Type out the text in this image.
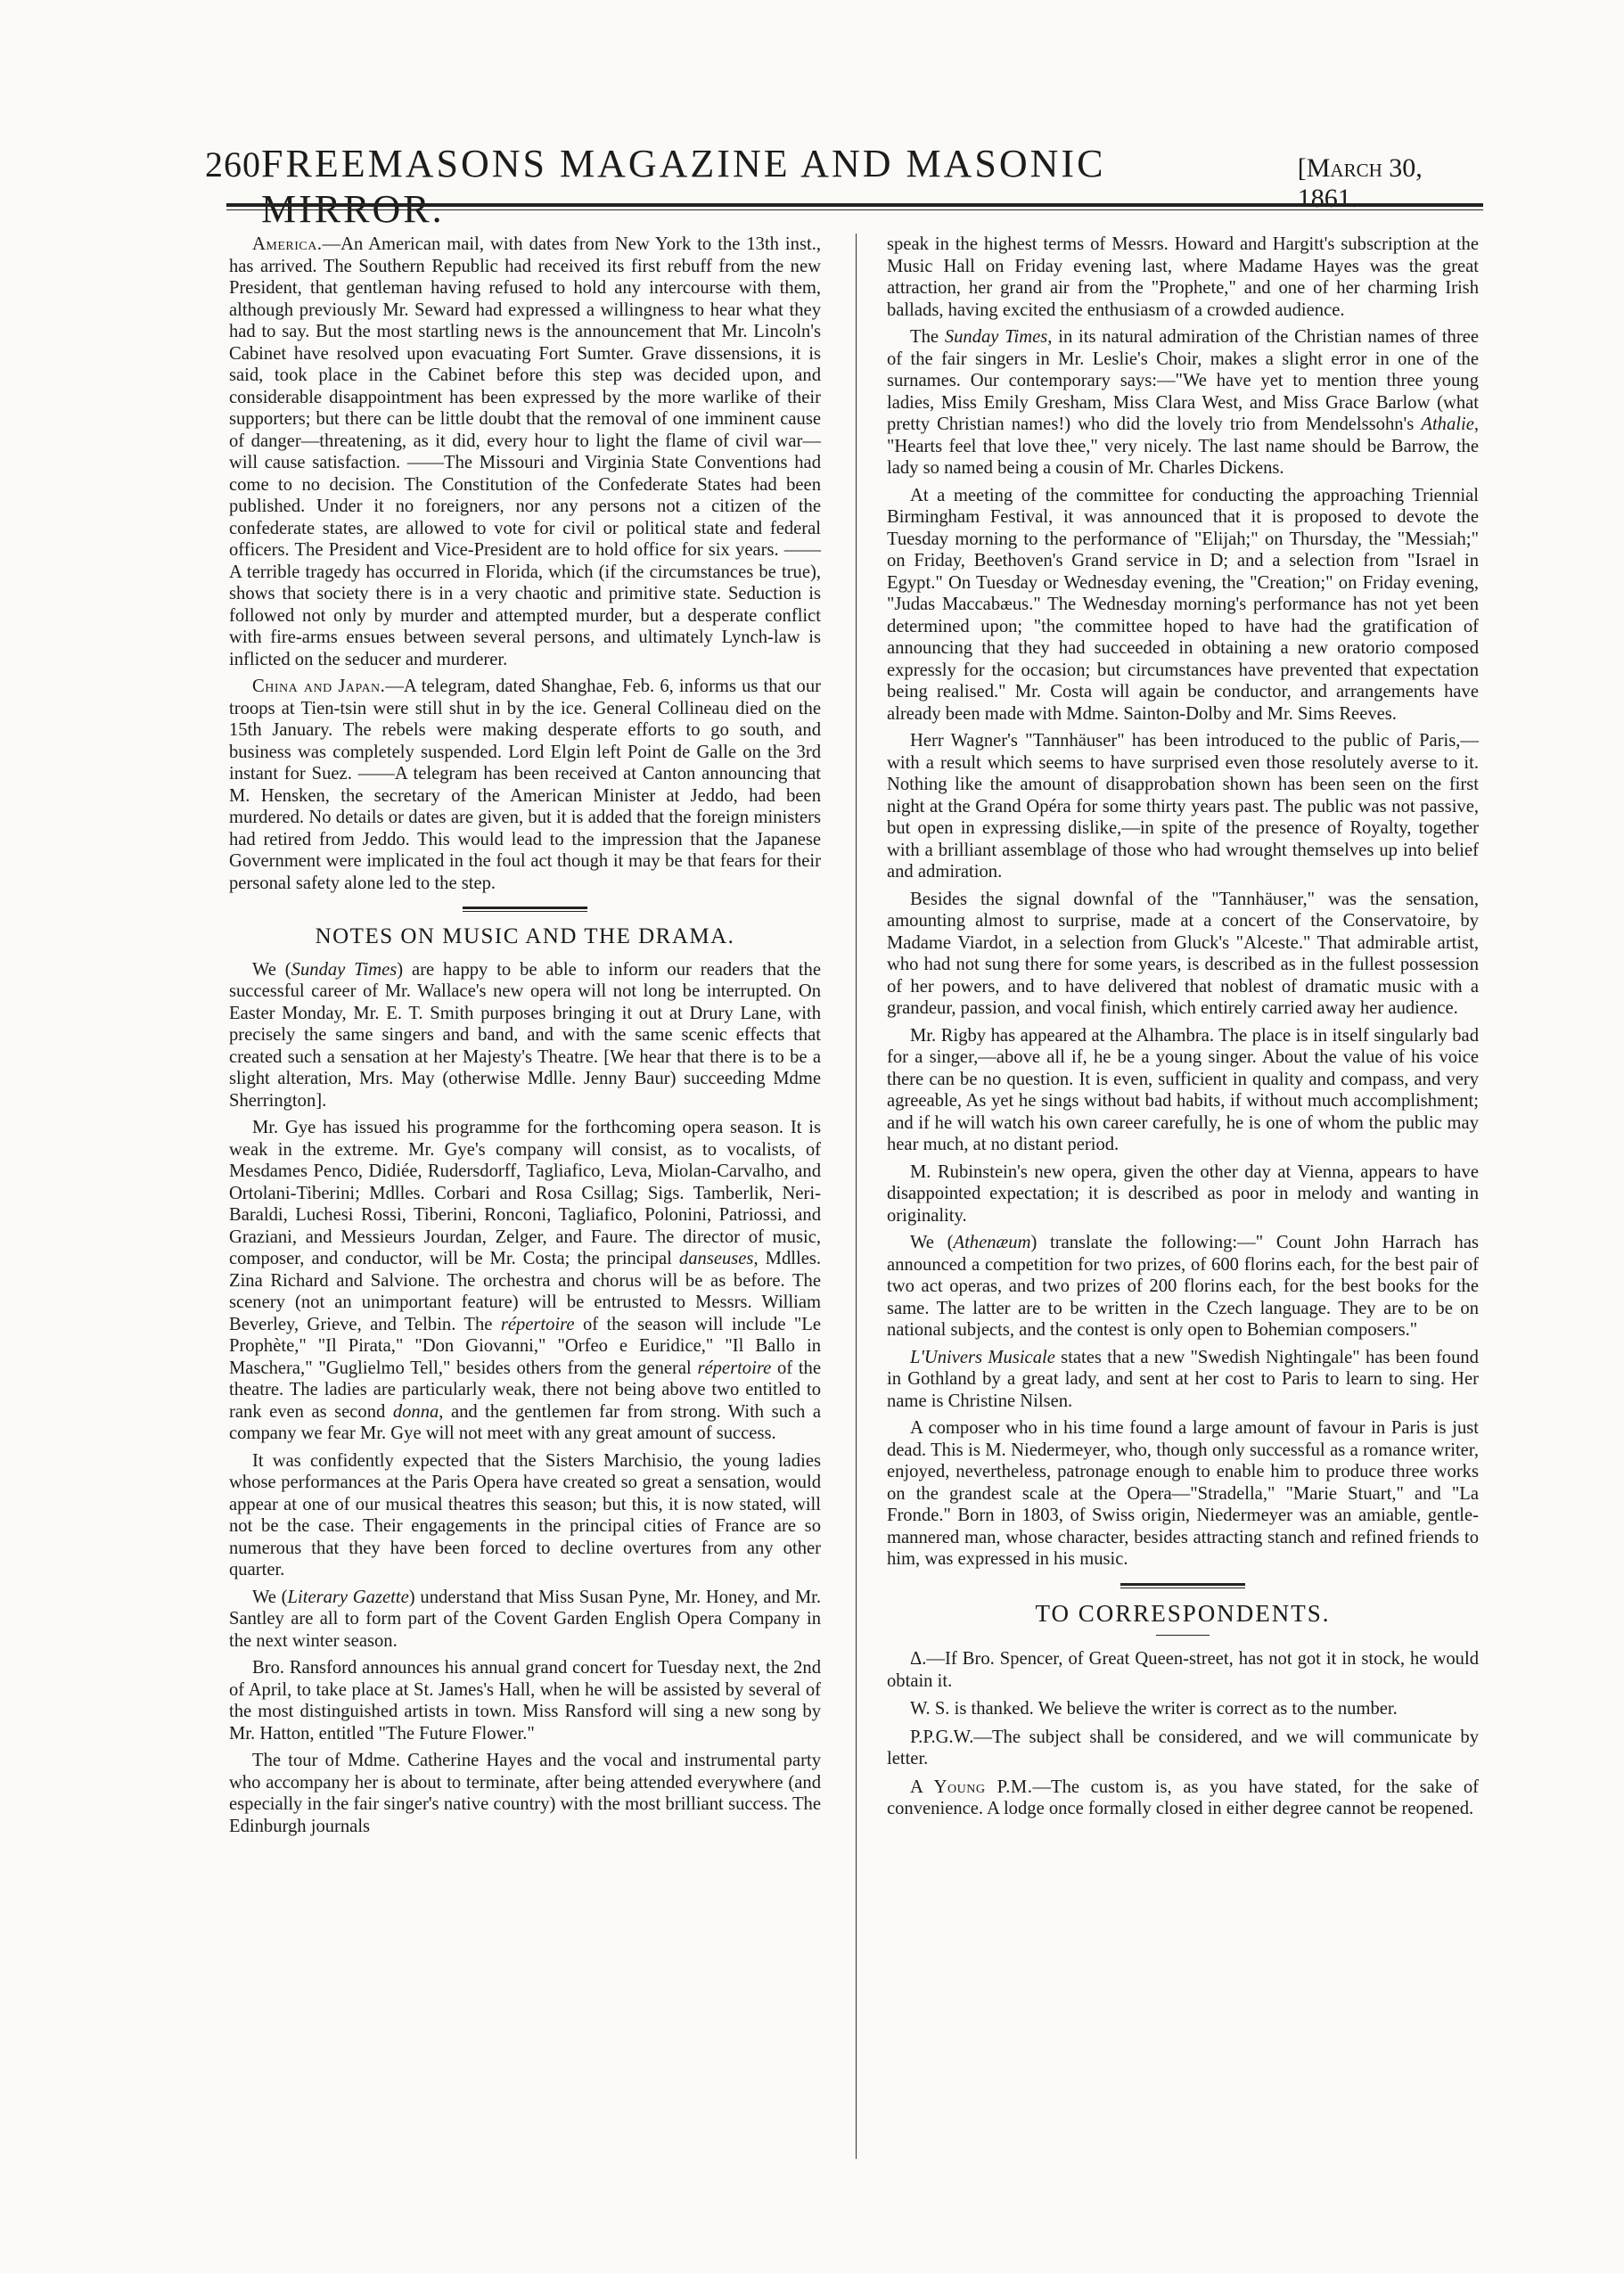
260 FREEMASONS MAGAZINE AND MASONIC MIRROR.
[March 30, 1861.

America.—An American mail, with dates from New York to the 13th inst., has arrived. The Southern Republic had received its first rebuff from the new President, that gentleman having refused to hold any intercourse with them, although previously Mr. Seward had expressed a willingness to hear what they had to say. But the most startling news is the announcement that Mr. Lincoln's Cabinet have resolved upon evacuating Fort Sumter. Grave dissensions, it is said, took place in the Cabinet before this step was decided upon, and considerable disappointment has been expressed by the more warlike of their supporters; but there can be little doubt that the removal of one imminent cause of danger—threatening, as it did, every hour to light the flame of civil war—will cause satisfaction. ——The Missouri and Virginia State Conventions had come to no decision. The Constitution of the Confederate States had been published. Under it no foreigners, nor any persons not a citizen of the confederate states, are allowed to vote for civil or political state and federal officers. The President and Vice-President are to hold office for six years. ——A terrible tragedy has occurred in Florida, which (if the circumstances be true), shows that society there is in a very chaotic and primitive state. Seduction is followed not only by murder and attempted murder, but a desperate conflict with fire-arms ensues between several persons, and ultimately Lynch-law is inflicted on the seducer and murderer.

China and Japan.—A telegram, dated Shanghae, Feb. 6, informs us that our troops at Tien-tsin were still shut in by the ice. General Collineau died on the 15th January. The rebels were making desperate efforts to go south, and business was completely suspended. Lord Elgin left Point de Galle on the 3rd instant for Suez. ——A telegram has been received at Canton announcing that M. Hensken, the secretary of the American Minister at Jeddo, had been murdered. No details or dates are given, but it is added that the foreign ministers had retired from Jeddo. This would lead to the impression that the Japanese Government were implicated in the foul act though it may be that fears for their personal safety alone led to the step.

NOTES ON MUSIC AND THE DRAMA.

We (Sunday Times) are happy to be able to inform our readers that the successful career of Mr. Wallace's new opera will not long be interrupted. On Easter Monday, Mr. E. T. Smith purposes bringing it out at Drury Lane, with precisely the same singers and band, and with the same scenic effects that created such a sensation at her Majesty's Theatre. [We hear that there is to be a slight alteration, Mrs. May (otherwise Mdlle. Jenny Baur) succeeding Mdme Sherrington].

Mr. Gye has issued his programme for the forthcoming opera season. It is weak in the extreme. Mr. Gye's company will consist, as to vocalists, of Mesdames Penco, Didiée, Rudersdorff, Tagliafico, Leva, Miolan-Carvalho, and Ortolani-Tiberini; Mdlles. Corbari and Rosa Csillag; Sigs. Tamberlik, Neri-Baraldi, Luchesi Rossi, Tiberini, Ronconi, Tagliafico, Polonini, Patriossi, and Graziani, and Messieurs Jourdan, Zelger, and Faure. The director of music, composer, and conductor, will be Mr. Costa; the principal danseuses, Mdlles. Zina Richard and Salvione. The orchestra and chorus will be as before. The scenery (not an unimportant feature) will be entrusted to Messrs. William Beverley, Grieve, and Telbin. The répertoire of the season will include "Le Prophète," "Il Pirata," "Don Giovanni," "Orfeo e Euridice," "Il Ballo in Maschera," "Guglielmo Tell," besides others from the general répertoire of the theatre. The ladies are particularly weak, there not being above two entitled to rank even as second donna, and the gentlemen far from strong. With such a company we fear Mr. Gye will not meet with any great amount of success.

It was confidently expected that the Sisters Marchisio, the young ladies whose performances at the Paris Opera have created so great a sensation, would appear at one of our musical theatres this season; but this, it is now stated, will not be the case. Their engagements in the principal cities of France are so numerous that they have been forced to decline overtures from any other quarter.

We (Literary Gazette) understand that Miss Susan Pyne, Mr. Honey, and Mr. Santley are all to form part of the Covent Garden English Opera Company in the next winter season.

Bro. Ransford announces his annual grand concert for Tuesday next, the 2nd of April, to take place at St. James's Hall, when he will be assisted by several of the most distinguished artists in town. Miss Ransford will sing a new song by Mr. Hatton, entitled "The Future Flower."

The tour of Mdme. Catherine Hayes and the vocal and instrumental party who accompany her is about to terminate, after being attended everywhere (and especially in the fair singer's native country) with the most brilliant success. The Edinburgh journals

speak in the highest terms of Messrs. Howard and Hargitt's subscription at the Music Hall on Friday evening last, where Madame Hayes was the great attraction, her grand air from the "Prophete," and one of her charming Irish ballads, having excited the enthusiasm of a crowded audience.

The Sunday Times, in its natural admiration of the Christian names of three of the fair singers in Mr. Leslie's Choir, makes a slight error in one of the surnames. Our contemporary says:—"We have yet to mention three young ladies, Miss Emily Gresham, Miss Clara West, and Miss Grace Barlow (what pretty Christian names!) who did the lovely trio from Mendelssohn's Athalie, "Hearts feel that love thee," very nicely. The last name should be Barrow, the lady so named being a cousin of Mr. Charles Dickens.

At a meeting of the committee for conducting the approaching Triennial Birmingham Festival, it was announced that it is proposed to devote the Tuesday morning to the performance of "Elijah;" on Thursday, the "Messiah;" on Friday, Beethoven's Grand service in D; and a selection from "Israel in Egypt." On Tuesday or Wednesday evening, the "Creation;" on Friday evening, "Judas Maccabæus." The Wednesday morning's performance has not yet been determined upon; "the committee hoped to have had the gratification of announcing that they had succeeded in obtaining a new oratorio composed expressly for the occasion; but circumstances have prevented that expectation being realised." Mr. Costa will again be conductor, and arrangements have already been made with Mdme. Sainton-Dolby and Mr. Sims Reeves.

Herr Wagner's "Tannhäuser" has been introduced to the public of Paris,—with a result which seems to have surprised even those resolutely averse to it. Nothing like the amount of disapprobation shown has been seen on the first night at the Grand Opéra for some thirty years past. The public was not passive, but open in expressing dislike,—in spite of the presence of Royalty, together with a brilliant assemblage of those who had wrought themselves up into belief and admiration.

Besides the signal downfal of the "Tannhäuser," was the sensation, amounting almost to surprise, made at a concert of the Conservatoire, by Madame Viardot, in a selection from Gluck's "Alceste." That admirable artist, who had not sung there for some years, is described as in the fullest possession of her powers, and to have delivered that noblest of dramatic music with a grandeur, passion, and vocal finish, which entirely carried away her audience.

Mr. Rigby has appeared at the Alhambra. The place is in itself singularly bad for a singer,—above all if, he be a young singer. About the value of his voice there can be no question. It is even, sufficient in quality and compass, and very agreeable, As yet he sings without bad habits, if without much accomplishment; and if he will watch his own career carefully, he is one of whom the public may hear much, at no distant period.

M. Rubinstein's new opera, given the other day at Vienna, appears to have disappointed expectation; it is described as poor in melody and wanting in originality.

We (Athenæum) translate the following:—" Count John Harrach has announced a competition for two prizes, of 600 florins each, for the best pair of two act operas, and two prizes of 200 florins each, for the best books for the same. The latter are to be written in the Czech language. They are to be on national subjects, and the contest is only open to Bohemian composers."

L'Univers Musicale states that a new "Swedish Nightingale" has been found in Gothland by a great lady, and sent at her cost to Paris to learn to sing. Her name is Christine Nilsen.

A composer who in his time found a large amount of favour in Paris is just dead. This is M. Niedermeyer, who, though only successful as a romance writer, enjoyed, nevertheless, patronage enough to enable him to produce three works on the grandest scale at the Opera—"Stradella," "Marie Stuart," and "La Fronde." Born in 1803, of Swiss origin, Niedermeyer was an amiable, gentle-mannered man, whose character, besides attracting stanch and refined friends to him, was expressed in his music.

TO CORRESPONDENTS.

Δ.—If Bro. Spencer, of Great Queen-street, has not got it in stock, he would obtain it.

W. S. is thanked. We believe the writer is correct as to the number.

P.P.G.W.—The subject shall be considered, and we will communicate by letter.

A Young P.M.—The custom is, as you have stated, for the sake of convenience. A lodge once formally closed in either degree cannot be reopened.
